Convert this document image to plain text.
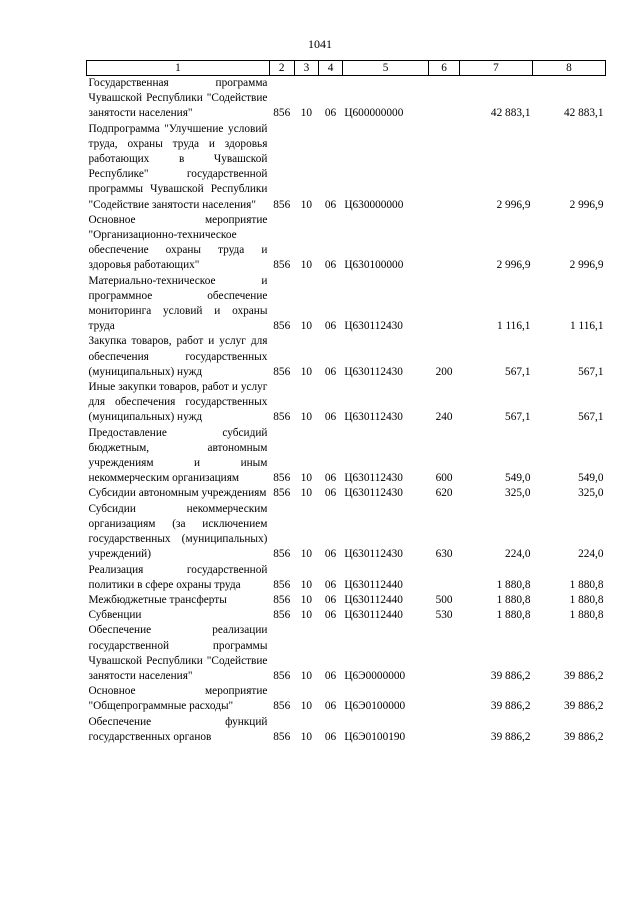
1041
1	2	3	4	5	6	7	8
Государственная программа Чувашской Республики "Содействие занятости населения"	856	10	06	Ц600000000		42 883,1	42 883,1
Подпрограмма "Улучшение условий труда, охраны труда и здоровья работающих в Чувашской Республике" государственной программы Чувашской Республики "Содействие занятости населения"	856	10	06	Ц630000000		2 996,9	2 996,9
Основное мероприятие "Организационно-техническое обеспечение охраны труда и здоровья работающих"	856	10	06	Ц630100000		2 996,9	2 996,9
Материально-техническое и программное обеспечение мониторинга условий и охраны труда	856	10	06	Ц630112430		1 116,1	1 116,1
Закупка товаров, работ и услуг для обеспечения государственных (муниципальных) нужд	856	10	06	Ц630112430	200	567,1	567,1
Иные закупки товаров, работ и услуг для обеспечения государственных (муниципальных) нужд	856	10	06	Ц630112430	240	567,1	567,1
Предоставление субсидий бюджетным, автономным учреждениям и иным некоммерческим организациям	856	10	06	Ц630112430	600	549,0	549,0
Субсидии автономным учреждениям	856	10	06	Ц630112430	620	325,0	325,0
Субсидии некоммерческим организациям (за исключением государственных (муниципальных) учреждений)	856	10	06	Ц630112430	630	224,0	224,0
Реализация государственной политики в сфере охраны труда	856	10	06	Ц630112440		1 880,8	1 880,8
Межбюджетные трансферты	856	10	06	Ц630112440	500	1 880,8	1 880,8
Субвенции	856	10	06	Ц630112440	530	1 880,8	1 880,8
Обеспечение реализации государственной программы Чувашской Республики "Содействие занятости населения"	856	10	06	Ц6Э0000000		39 886,2	39 886,2
Основное мероприятие "Общепрограммные расходы"	856	10	06	Ц6Э0100000		39 886,2	39 886,2
Обеспечение функций государственных органов	856	10	06	Ц6Э0100190		39 886,2	39 886,2
